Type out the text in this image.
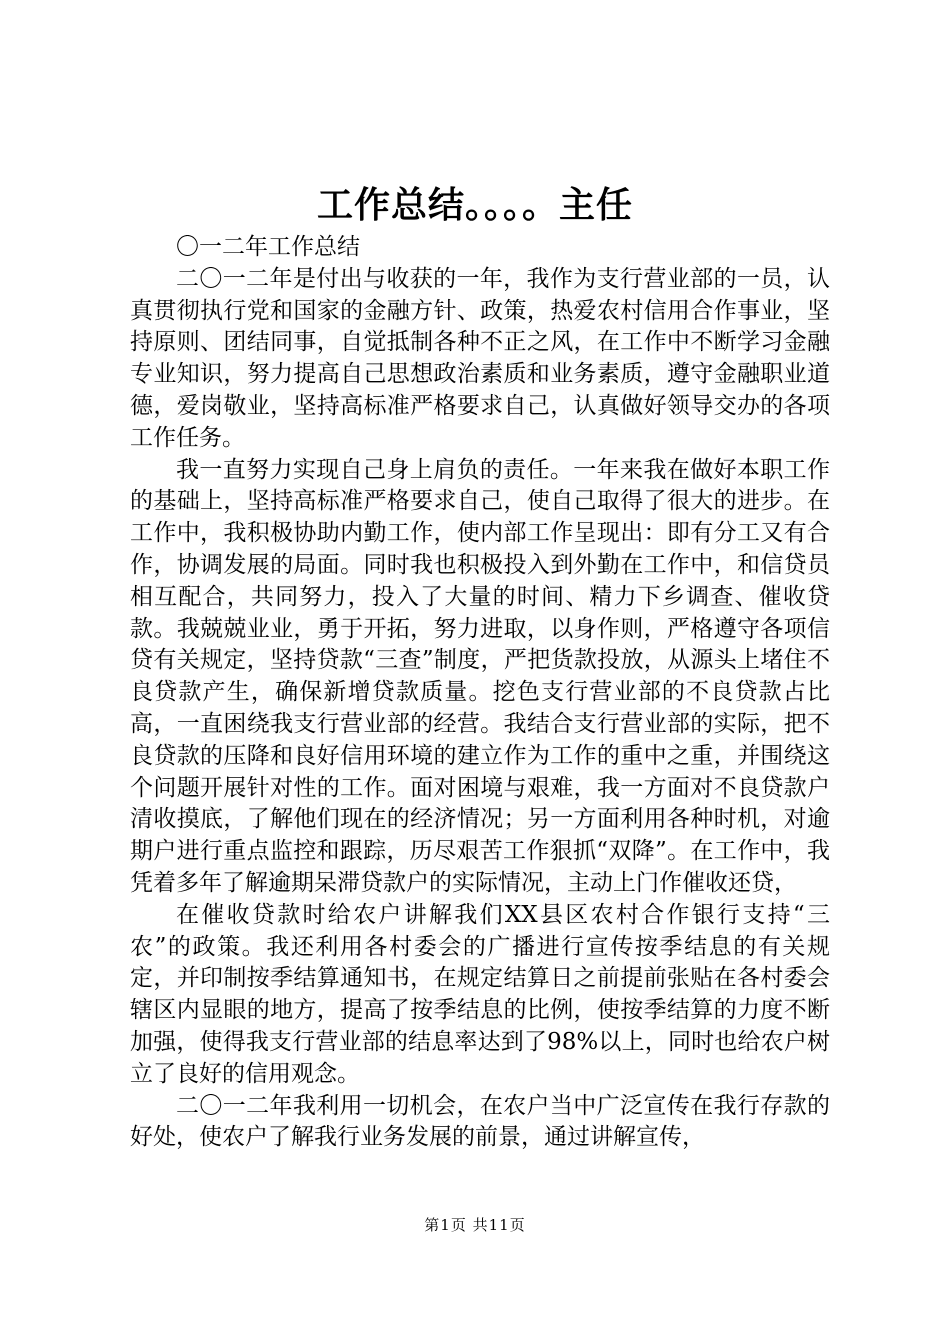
工作总结。。。。主任

〇一二年工作总结

二〇一二年是付出与收获的一年，我作为支行营业部的一员，认真贯彻执行党和国家的金融方针、政策，热爱农村信用合作事业，坚持原则、团结同事，自觉抵制各种不正之风，在工作中不断学习金融专业知识，努力提高自己思想政治素质和业务素质，遵守金融职业道德，爱岗敬业，坚持高标准严格要求自己，认真做好领导交办的各项工作任务。

我一直努力实现自己身上肩负的责任。一年来我在做好本职工作的基础上，坚持高标准严格要求自己，使自己取得了很大的进步。在工作中，我积极协助内勤工作，使内部工作呈现出：即有分工又有合作，协调发展的局面。同时我也积极投入到外勤在工作中，和信贷员相互配合，共同努力，投入了大量的时间、精力下乡调查、催收贷款。我兢兢业业，勇于开拓，努力进取，以身作则，严格遵守各项信贷有关规定，坚持贷款“三查”制度，严把货款投放，从源头上堵住不良贷款产生，确保新增贷款质量。挖色支行营业部的不良贷款占比高，一直困绕我支行营业部的经营。我结合支行营业部的实际，把不良贷款的压降和良好信用环境的建立作为工作的重中之重，并围绕这个问题开展针对性的工作。面对困境与艰难，我一方面对不良贷款户清收摸底，了解他们现在的经济情况；另一方面利用各种时机，对逾期户进行重点监控和跟踪，历尽艰苦工作狠抓“双降”。在工作中，我凭着多年了解逾期呆滞贷款户的实际情况，主动上门作催收还贷，

在催收贷款时给农户讲解我们XX县区农村合作银行支持“三农”的政策。我还利用各村委会的广播进行宣传按季结息的有关规定，并印制按季结算通知书，在规定结算日之前提前张贴在各村委会辖区内显眼的地方，提高了按季结息的比例，使按季结算的力度不断加强，使得我支行营业部的结息率达到了98%以上，同时也给农户树立了良好的信用观念。

二〇一二年我利用一切机会，在农户当中广泛宣传在我行存款的好处，使农户了解我行业务发展的前景，通过讲解宣传，

第1页 共11页
